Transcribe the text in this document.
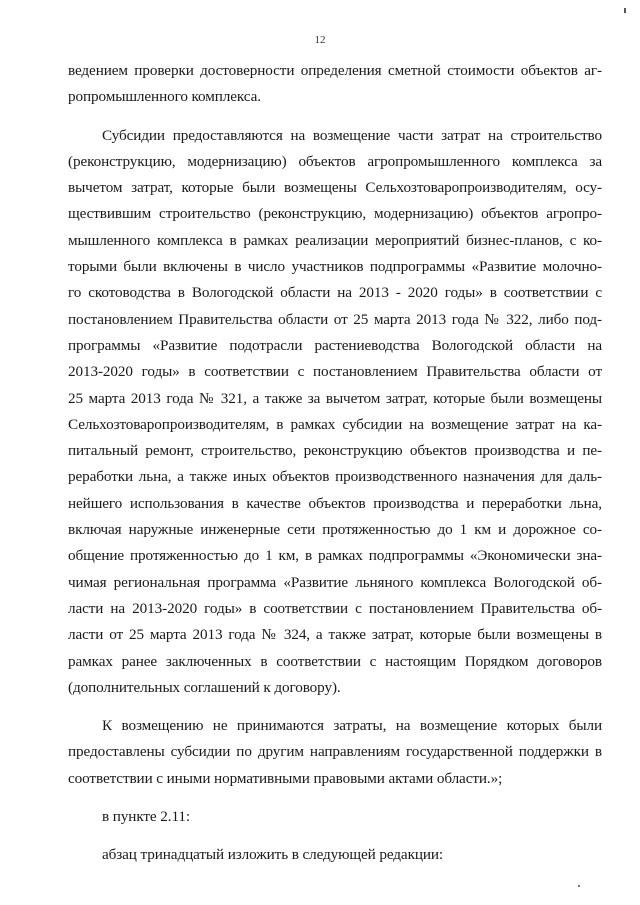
12
ведением проверки достоверности определения сметной стоимости объектов аг-
ропромышленного комплекса.
Субсидии предоставляются на возмещение части затрат на строительство
(реконструкцию, модернизацию) объектов агропромышленного комплекса за
вычетом затрат, которые были возмещены Сельхозтоваропроизводителям, осу-
ществившим строительство (реконструкцию, модернизацию) объектов агропро-
мышленного комплекса в рамках реализации мероприятий бизнес-планов, с ко-
торыми были включены в число участников подпрограммы «Развитие молочно-
го скотоводства в Вологодской области на 2013 - 2020 годы» в соответствии с
постановлением Правительства области от 25 марта 2013 года № 322, либо под-
программы «Развитие подотрасли растениеводства Вологодской области на
2013-2020 годы» в соответствии с постановлением Правительства области от
25 марта 2013 года № 321, а также за вычетом затрат, которые были возмещены
Сельхозтоваропроизводителям, в рамках субсидии на возмещение затрат на ка-
питальный ремонт, строительство, реконструкцию объектов производства и пе-
реработки льна, а также иных объектов производственного назначения для даль-
нейшего использования в качестве объектов производства и переработки льна,
включая наружные инженерные сети протяженностью до 1 км и дорожное со-
общение протяженностью до 1 км, в рамках подпрограммы «Экономически зна-
чимая региональная программа «Развитие льняного комплекса Вологодской об-
ласти на 2013-2020 годы» в соответствии с постановлением Правительства об-
ласти от 25 марта 2013 года № 324, а также затрат, которые были возмещены в
рамках ранее заключенных в соответствии с настоящим Порядком договоров
(дополнительных соглашений к договору).
К возмещению не принимаются затраты, на возмещение которых были
предоставлены субсидии по другим направлениям государственной поддержки в
соответствии с иными нормативными правовыми актами области.»;
в пункте 2.11:
абзац тринадцатый изложить в следующей редакции:
